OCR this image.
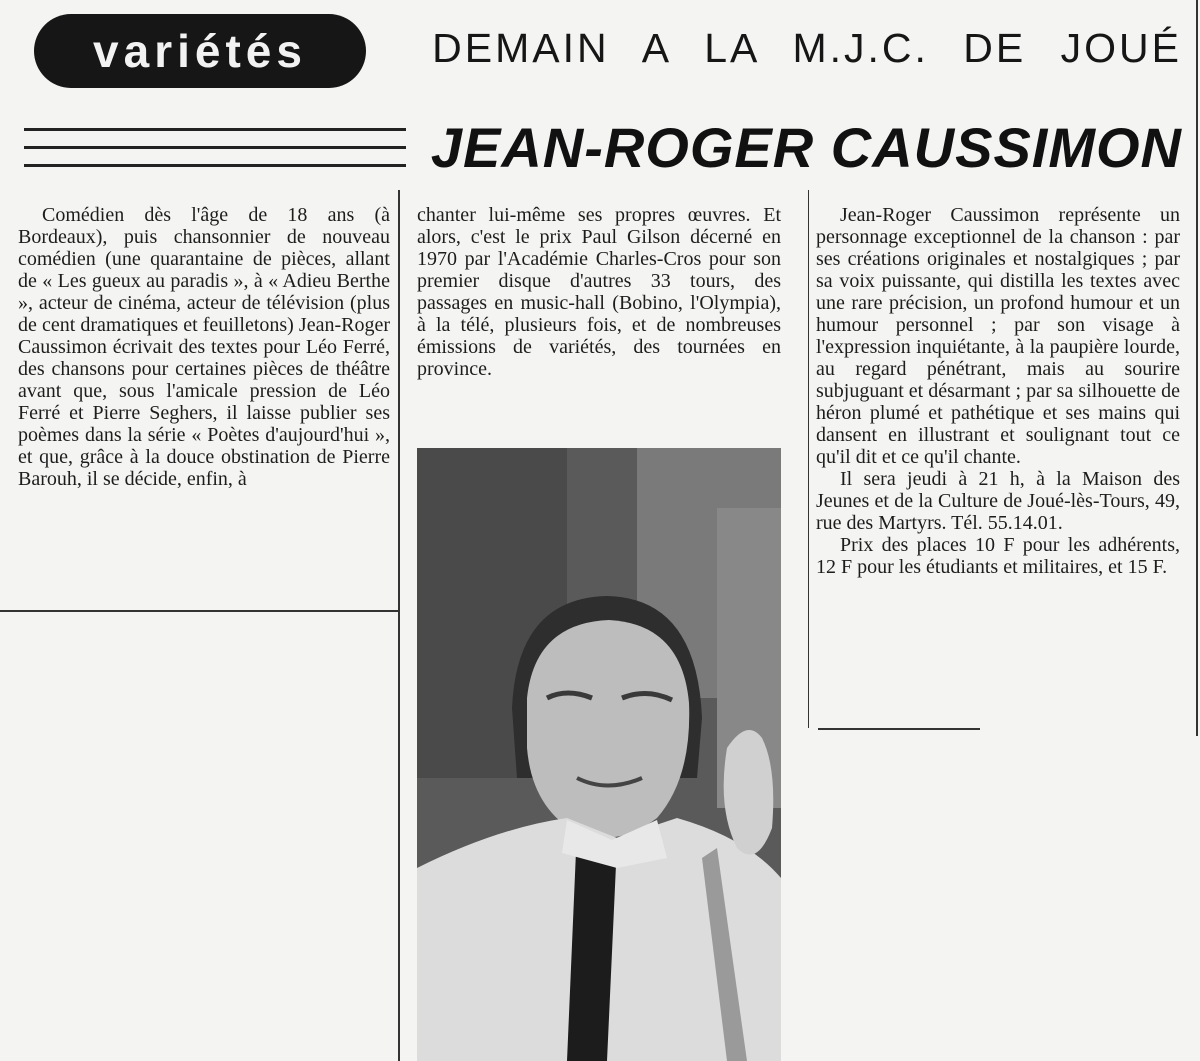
variétés	DEMAIN A LA M.J.C. DE JOUÉ
JEAN-ROGER CAUSSIMON

Comédien dès l'âge de 18 ans (à Bordeaux), puis chansonnier de nouveau comédien (une quarantaine de pièces, allant de « Les gueux au paradis », à « Adieu Berthe », acteur de cinéma, acteur de télévision (plus de cent dramatiques et feuilletons) Jean-Roger Caussimon écrivait des textes pour Léo Ferré, des chansons pour certaines pièces de théâtre avant que, sous l'amicale pression de Léo Ferré et Pierre Seghers, il laisse publier ses poèmes dans la série « Poètes d'aujourd'hui », et que, grâce à la douce obstination de Pierre Barouh, il se décide, enfin, à

chanter lui-même ses propres œuvres. Et alors, c'est le prix Paul Gilson décerné en 1970 par l'Académie Charles-Cros pour son premier disque d'autres 33 tours, des passages en music-hall (Bobino, l'Olympia), à la télé, plusieurs fois, et de nombreuses émissions de variétés, des tournées en province.

Jean-Roger Caussimon représente un personnage exceptionnel de la chanson : par ses créations originales et nostalgiques ; par sa voix puissante, qui distilla les textes avec une rare précision, un profond humour et un humour personnel ; par son visage à l'expression inquiétante, à la paupière lourde, au regard pénétrant, mais au sourire subjuguant et désarmant ; par sa silhouette de héron plumé et pathétique et ses mains qui dansent en illustrant et soulignant tout ce qu'il dit et ce qu'il chante.

Il sera jeudi à 21 h, à la Maison des Jeunes et de la Culture de Joué-lès-Tours, 49, rue des Martyrs. Tél. 55.14.01.

Prix des places 10 F pour les adhérents, 12 F pour les étudiants et militaires, et 15 F.
